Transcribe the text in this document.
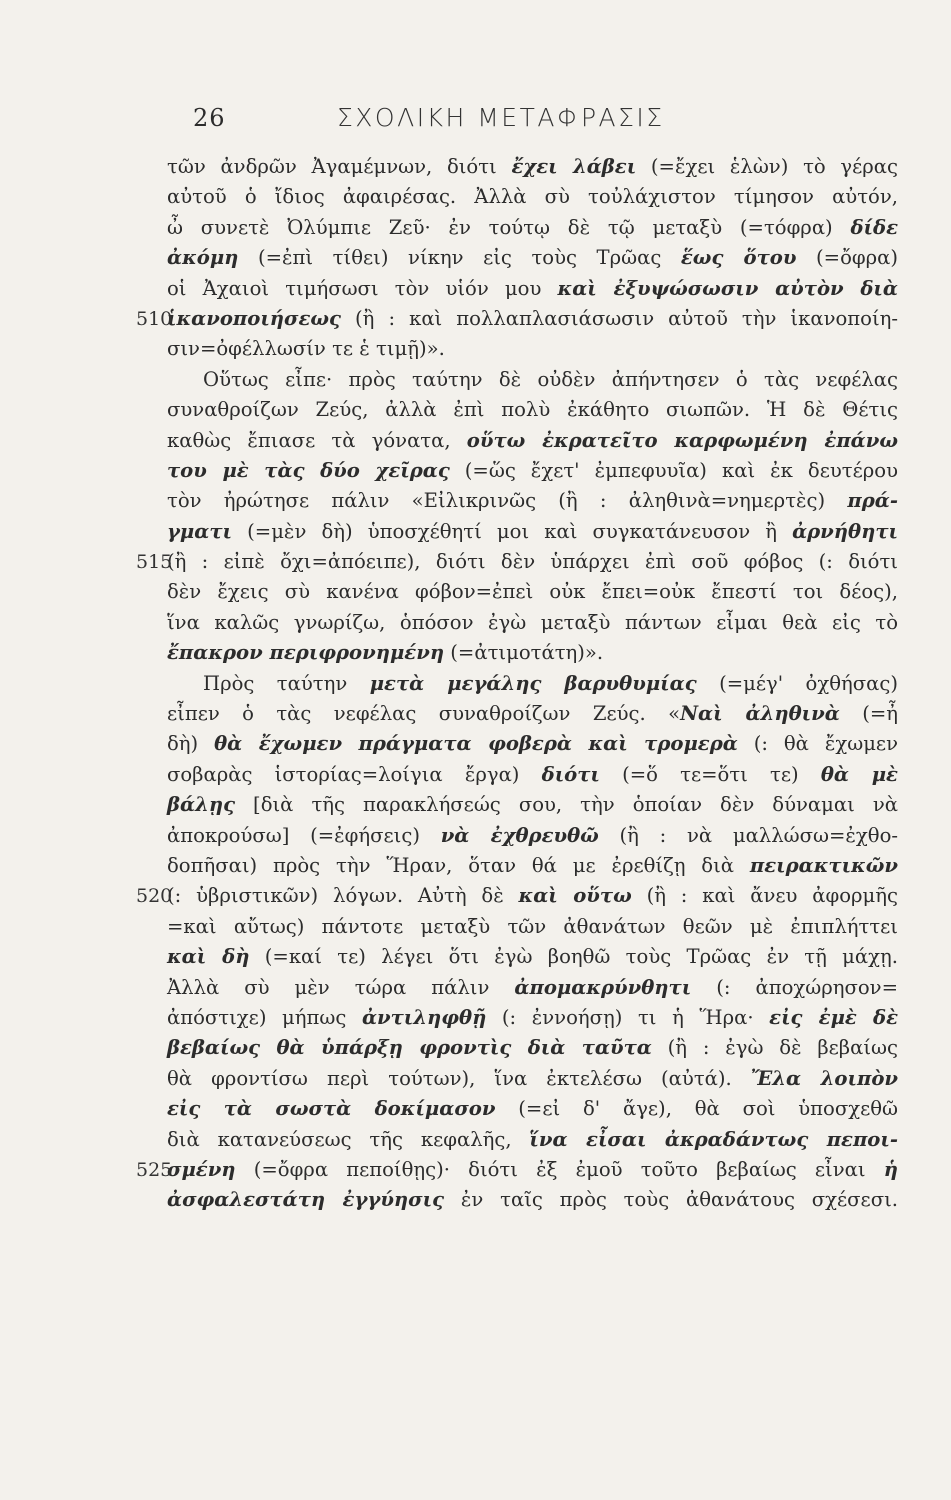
26	ΣΧΟΛΙΚΗ ΜΕΤΑΦΡΑΣΙΣ
τῶν ἀνδρῶν Ἀγαμέμνων, διότι ἔχει λάβει (=ἔχει ἑλὼν) τὸ γέρας
αὐτοῦ ὁ ἴδιος ἀφαιρέσας. Ἀλλὰ σὺ τοὐλάχιστον τίμησον αὐτόν,
ὦ συνετὲ Ὀλύμπιε Ζεῦ· ἐν τούτῳ δὲ τῷ μεταξὺ (=τόφρα) δίδε
ἀκόμη (=ἐπὶ τίθει) νίκην εἰς τοὺς Τρῶας ἕως ὅτου (=ὄφρα)
οἱ Ἀχαιοὶ τιμήσωσι τὸν υἱόν μου καὶ ἐξυψώσωσιν αὐτὸν διὰ
510
ἱκανοποιήσεως (ἢ : καὶ πολλαπλασιάσωσιν αὐτοῦ τὴν ἱκανοποίη-
σιν=ὀφέλλωσίν τε ἑ τιμῇ)».
Οὕτως εἶπε· πρὸς ταύτην δὲ οὐδὲν ἀπήντησεν ὁ τὰς νεφέλας
συναθροίζων Ζεύς, ἀλλὰ ἐπὶ πολὺ ἐκάθητο σιωπῶν. Ἡ δὲ Θέτις
καθὼς ἔπιασε τὰ γόνατα, οὕτω ἐκρατεῖτο καρφωμένη ἐπάνω
του μὲ τὰς δύο χεῖρας (=ὥς ἔχετ' ἐμπεφυυῖα) καὶ ἐκ δευτέρου
τὸν ἠρώτησε πάλιν «Εἰλικρινῶς (ἢ : ἀληθινὰ=νημερτὲς) πρά-
γματι (=μὲν δὴ) ὑποσχέθητί μοι καὶ συγκατάνευσον ἢ ἀρνήθητι
515
(ἢ : εἰπὲ ὄχι=ἀπόειπε), διότι δὲν ὑπάρχει ἐπὶ σοῦ φόβος (: διότι
δὲν ἔχεις σὺ κανένα φόβον=ἐπεὶ οὐκ ἔπει=οὐκ ἔπεστί τοι δέος),
ἵνα καλῶς γνωρίζω, ὁπόσον ἐγὼ μεταξὺ πάντων εἶμαι θεὰ εἰς τὸ
ἔπακρον περιφρονημένη (=ἀτιμοτάτη)».
Πρὸς ταύτην μετὰ μεγάλης βαρυθυμίας (=μέγ' ὀχθήσας)
εἶπεν ὁ τὰς νεφέλας συναθροίζων Ζεύς. «Ναὶ ἀληθινὰ (=ἦ
δὴ) θὰ ἔχωμεν πράγματα φοβερὰ καὶ τρομερὰ (: θὰ ἔχωμεν
σοβαρὰς ἱστορίας=λοίγια ἔργα) διότι (=ὅ τε=ὅτι τε) θὰ μὲ
βάλῃς [διὰ τῆς παρακλήσεώς σου, τὴν ὁποίαν δὲν δύναμαι νὰ
ἀποκρούσω] (=ἐφήσεις) νὰ ἐχθρευθῶ (ἢ : νὰ μαλλώσω=ἐχθο-
δοπῆσαι) πρὸς τὴν Ἥραν, ὅταν θά με ἐρεθίζῃ διὰ πειρακτικῶν
520
(: ὑβριστικῶν) λόγων. Αὐτὴ δὲ καὶ οὕτω (ἢ : καὶ ἄνευ ἀφορμῆς
=καὶ αὔτως) πάντοτε μεταξὺ τῶν ἀθανάτων θεῶν μὲ ἐπιπλήττει
καὶ δὴ (=καί τε) λέγει ὅτι ἐγὼ βοηθῶ τοὺς Τρῶας ἐν τῇ μάχῃ.
Ἀλλὰ σὺ μὲν τώρα πάλιν ἀπομακρύνθητι (: ἀποχώρησον=
ἀπόστιχε) μήπως ἀντιληφθῇ (: ἐννοήσῃ) τι ἡ Ἥρα· εἰς ἐμὲ δὲ
βεβαίως θὰ ὑπάρξῃ φροντὶς διὰ ταῦτα (ἢ : ἐγὼ δὲ βεβαίως
θὰ φροντίσω περὶ τούτων), ἵνα ἐκτελέσω (αὐτά). Ἔλα λοιπὸν
εἰς τὰ σωστὰ δοκίμασον (=εἰ δ' ἄγε), θὰ σοὶ ὑποσχεθῶ
διὰ κατανεύσεως τῆς κεφαλῆς, ἵνα εἶσαι ἀκραδάντως πεποι-
525
σμένη (=ὄφρα πεποίθῃς)· διότι ἐξ ἐμοῦ τοῦτο βεβαίως εἶναι ἡ
ἀσφαλεστάτη ἐγγύησις ἐν ταῖς πρὸς τοὺς ἀθανάτους σχέσεσι.
